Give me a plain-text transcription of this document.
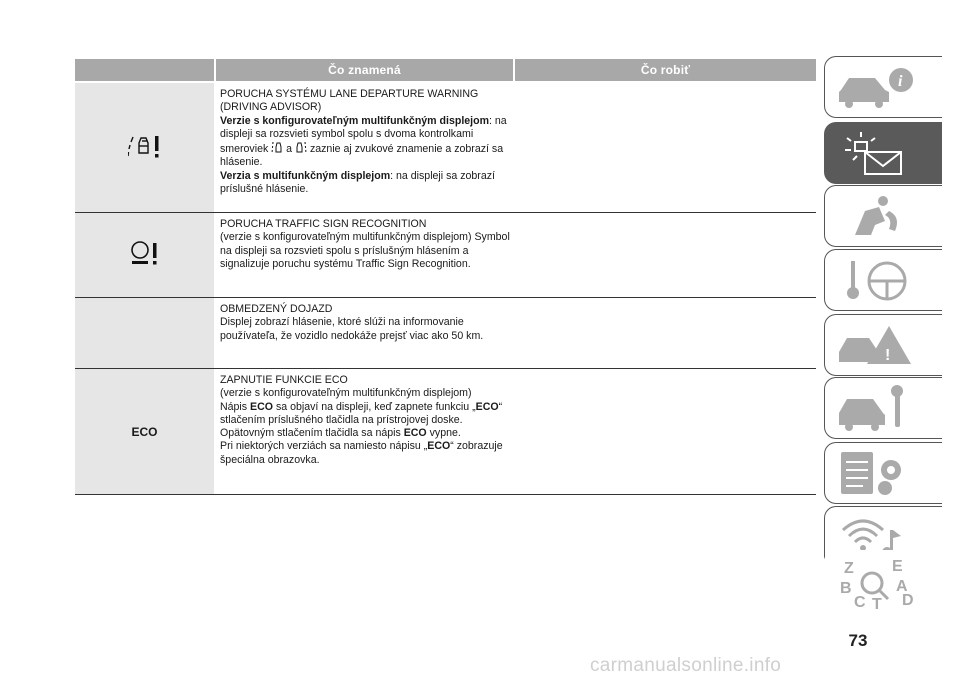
Čo znamená	Čo robiť
PORUCHA SYSTÉMU LANE DEPARTURE WARNING (DRIVING ADVISOR)
Verzie s konfigurovateľným multifunkčným displejom: na displeji sa rozsvieti symbol spolu s dvoma kontrolkami smeroviek  a  zaznie aj zvukové znamenie a zobrazí sa hlásenie.
Verzia s multifunkčným displejom: na displeji sa zobrazí príslušné hlásenie.
PORUCHA TRAFFIC SIGN RECOGNITION
(verzie s konfigurovateľným multifunkčným displejom) Symbol na displeji sa rozsvieti spolu s príslušným hlásením a signalizuje poruchu systému Traffic Sign Recognition.
OBMEDZENÝ DOJAZD
Displej zobrazí hlásenie, ktoré slúži na informovanie používateľa, že vozidlo nedokáže prejsť viac ako 50 km.
ECO
ZAPNUTIE FUNKCIE ECO
(verzie s konfigurovateľným multifunkčným displejom)
Nápis ECO sa objaví na displeji, keď zapnete funkciu „ECO“ stlačením príslušného tlačidla na prístrojovej doske.
Opätovným stlačením tlačidla sa nápis ECO vypne.
Pri niektorých verziách sa namiesto nápisu „ECO“ zobrazuje špeciálna obrazovka.
i
!
Z E
B	A
C T D
73
carmanualsonline.info
